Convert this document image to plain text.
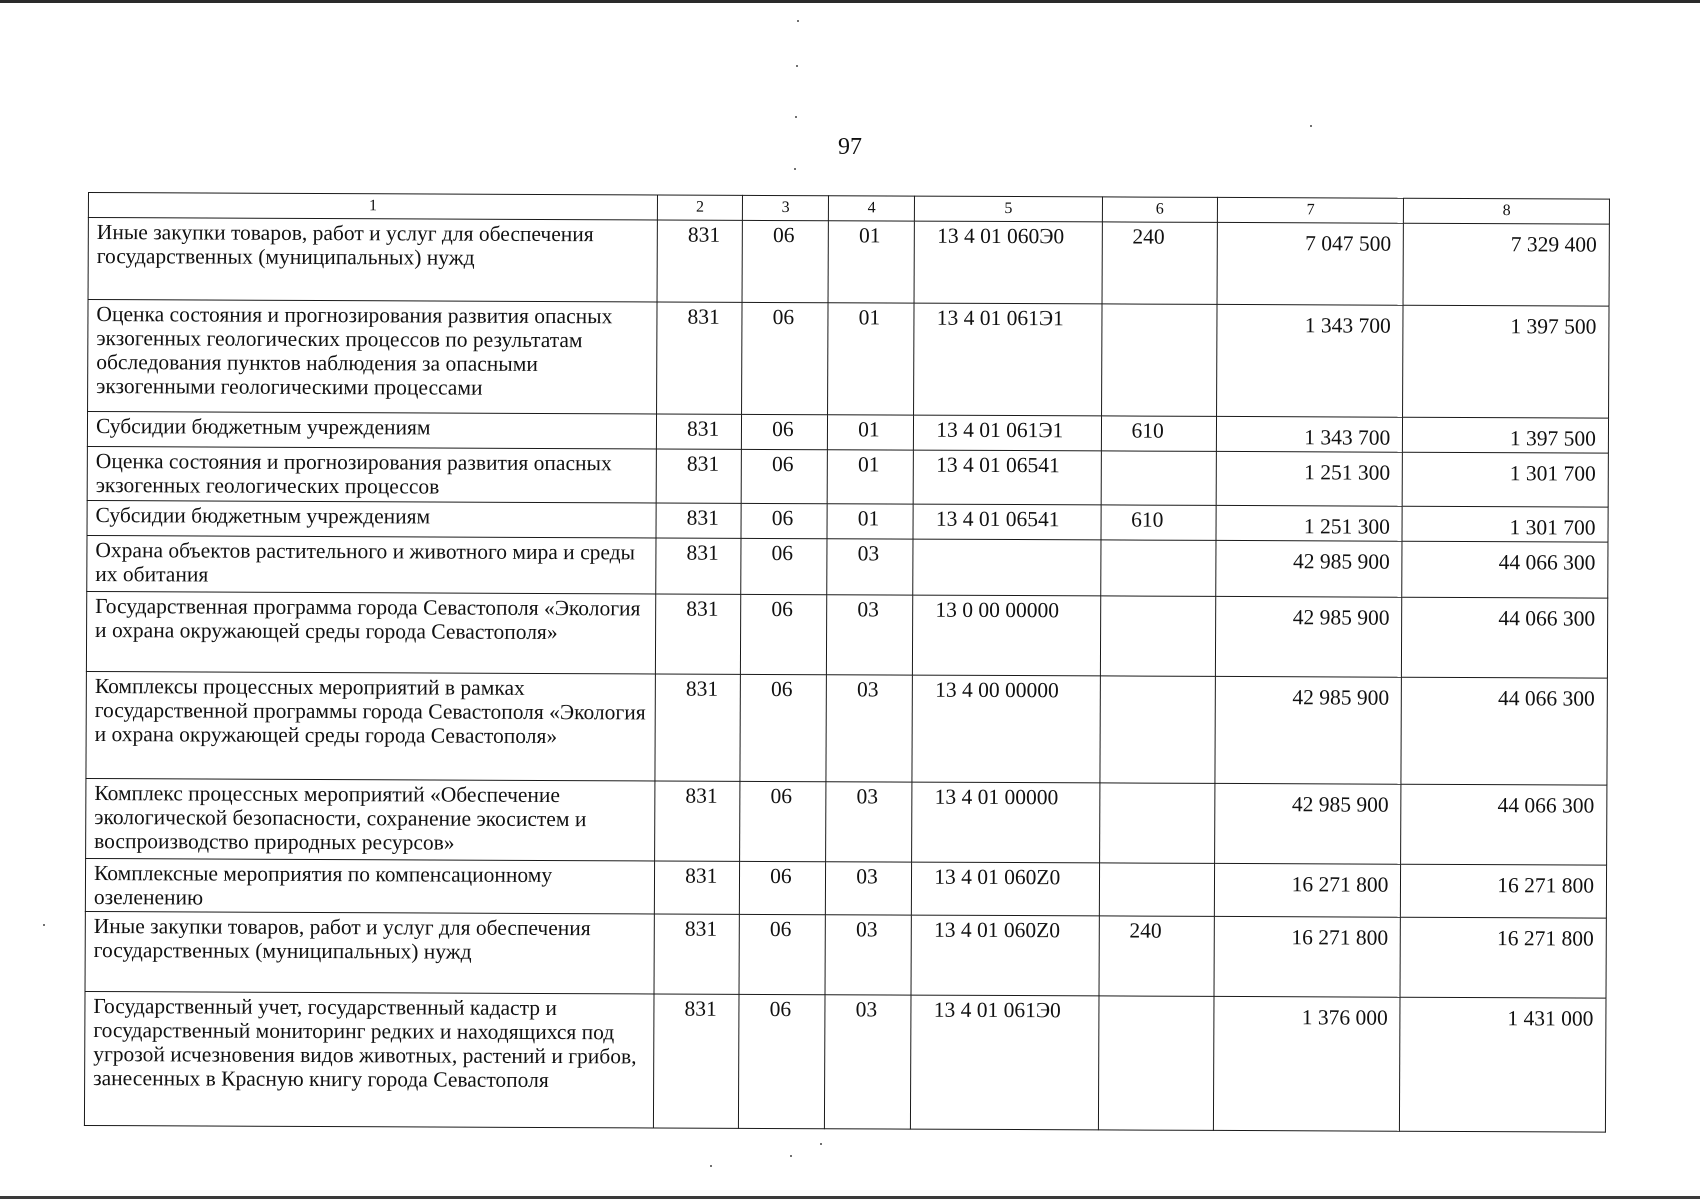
97
1	2	3	4	5	6	7	8
Иные закупки товаров, работ и услуг для обеспечения государственных (муниципальных) нужд	831	06	01	13 4 01 060Э0	240	7 047 500	7 329 400
Оценка состояния и прогнозирования развития опасных экзогенных геологических процессов по результатам обследования пунктов наблюдения за опасными экзогенными геологическими процессами	831	06	01	13 4 01 061Э1		1 343 700	1 397 500
Субсидии бюджетным учреждениям	831	06	01	13 4 01 061Э1	610	1 343 700	1 397 500
Оценка состояния и прогнозирования развития опасных экзогенных геологических процессов	831	06	01	13 4 01 06541		1 251 300	1 301 700
Субсидии бюджетным учреждениям	831	06	01	13 4 01 06541	610	1 251 300	1 301 700
Охрана объектов растительного и животного мира и среды их обитания	831	06	03			42 985 900	44 066 300
Государственная программа города Севастополя «Экология и охрана окружающей среды города Севастополя»	831	06	03	13 0 00 00000		42 985 900	44 066 300
Комплексы процессных мероприятий в рамках государственной программы города Севастополя «Экология и охрана окружающей среды города Севастополя»	831	06	03	13 4 00 00000		42 985 900	44 066 300
Комплекс процессных мероприятий «Обеспечение экологической безопасности, сохранение экосистем и воспроизводство природных ресурсов»	831	06	03	13 4 01 00000		42 985 900	44 066 300
Комплексные мероприятия по компенсационному озеленению	831	06	03	13 4 01 060Z0		16 271 800	16 271 800
Иные закупки товаров, работ и услуг для обеспечения государственных (муниципальных) нужд	831	06	03	13 4 01 060Z0	240	16 271 800	16 271 800
Государственный учет, государственный кадастр и государственный мониторинг редких и находящихся под угрозой исчезновения видов животных, растений и грибов, занесенных в Красную книгу города Севастополя	831	06	03	13 4 01 061Э0		1 376 000	1 431 000
